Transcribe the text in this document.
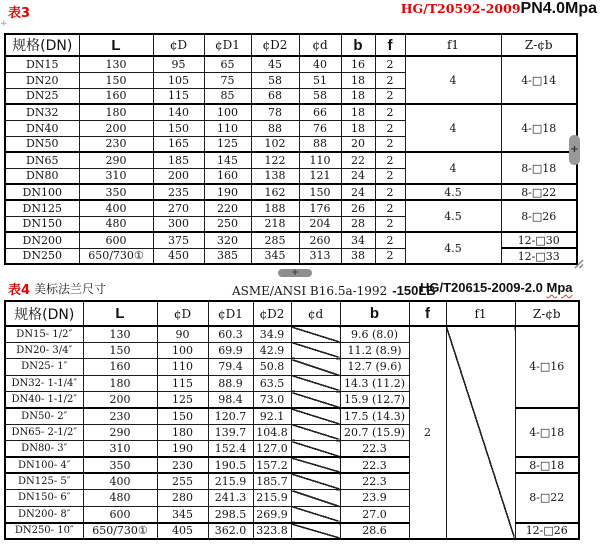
表3
+
HG/T20592-2009 PN4.0Mpa
规格(DN)	L	¢D	¢D1	¢D2	¢d	b	f	f1	Z-¢b
DN15	130	95	65	45	40	16	2	4	4-□14
DN20	150	105	75	58	51	18	2		
DN25	160	115	85	68	58	18	2		
DN32	180	140	100	78	66	18	2	4	4-□18
DN40	200	150	110	88	76	18	2		
DN50	230	165	125	102	88	20	2		
DN65	290	185	145	122	110	22	2	4	8-□18
DN80	310	200	160	138	121	24	2		
DN100	350	235	190	162	150	24	2	4.5	8-□22
DN125	400	270	220	188	176	26	2	4.5	8-□26
DN150	480	300	250	218	204	28	2		
DN200	600	375	320	285	260	34	2	4.5	12-□30
DN250	650/730①	450	385	345	313	38	2		12-□33
+
+
表4 美标法兰尺寸	ASME/ANSI B16.5a-1992 -150LB
HG/T20615-2009-2.0 Mpa
规格(DN)	L	¢D	¢D1	¢D2	¢d	b	f	f1	Z-¢b
DN15- 1/2″	130	90	60.3	34.9		9.6 (8.0)	2		4-□16
DN20- 3/4″	150	100	69.9	42.9		11.2 (8.9)			
DN25- 1″	160	110	79.4	50.8		12.7 (9.6)			
DN32- 1-1/4″	180	115	88.9	63.5		14.3 (11.2)			
DN40- 1-1/2″	200	125	98.4	73.0		15.9 (12.7)			
DN50- 2″	230	150	120.7	92.1		17.5 (14.3)			4-□18
DN65- 2-1/2″	290	180	139.7	104.8		20.7 (15.9)			
DN80- 3″	310	190	152.4	127.0		22.3			
DN100- 4″	350	230	190.5	157.2		22.3			8-□18
DN125- 5″	400	255	215.9	185.7		22.3			8-□22
DN150- 6″	480	280	241.3	215.9		23.9			
DN200- 8″	600	345	298.5	269.9		27.0			
DN250- 10″	650/730①	405	362.0	323.8		28.6			12-□26
